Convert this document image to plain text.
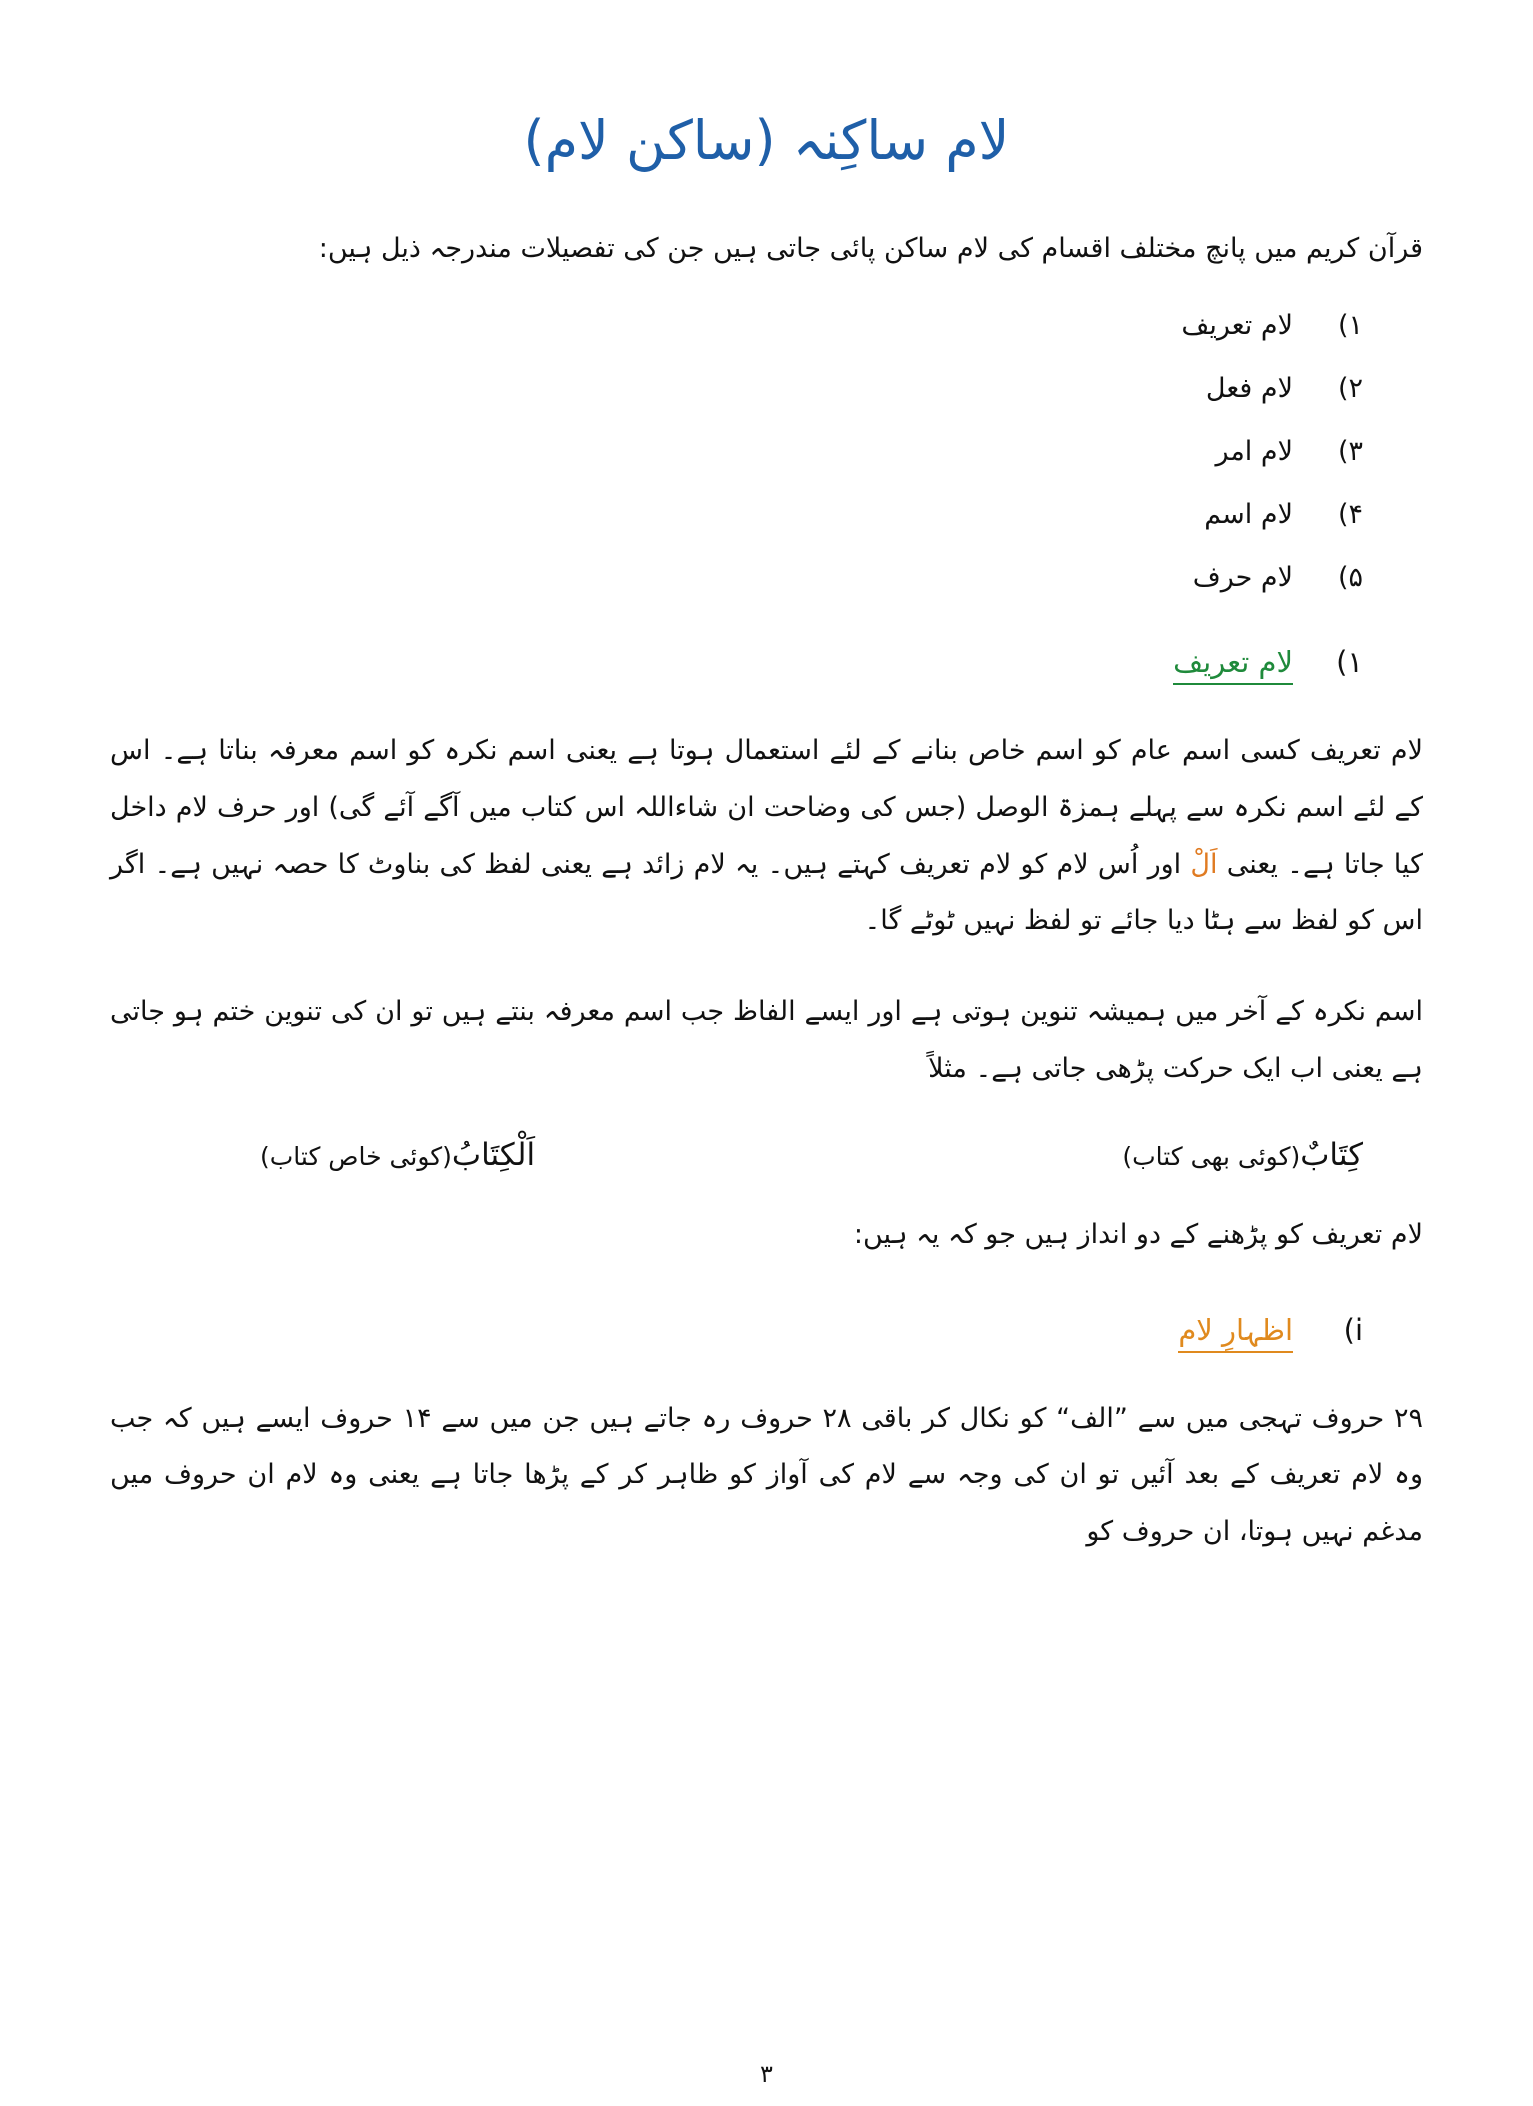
لام ساکِنہ (ساکن لام)

قرآن کریم میں پانچ مختلف اقسام کی لام ساکن پائی جاتی ہیں جن کی تفصیلات مندرجہ ذیل ہیں:

۱)
لام تعریف
۲)
لام فعل
۳)
لام امر
۴)
لام اسم
۵)
لام حرف
۱)
لام تعریف

لام تعریف کسی اسم عام کو اسم خاص بنانے کے لئے استعمال ہوتا ہے یعنی اسم نکرہ کو اسم معرفہ بناتا ہے۔ اس کے لئے اسم نکرہ سے پہلے ہمزۃ الوصل (جس کی وضاحت ان شاءاللہ اس کتاب میں آگے آئے گی) اور حرف لام داخل کیا جاتا ہے۔ یعنی اَلْ اور اُس لام کو لام تعریف کہتے ہیں۔ یہ لام زائد ہے یعنی لفظ کی بناوٹ کا حصہ نہیں ہے۔ اگر اس کو لفظ سے ہٹا دیا جائے تو لفظ نہیں ٹوٹے گا۔

اسم نکرہ کے آخر میں ہمیشہ تنوین ہوتی ہے اور ایسے الفاظ جب اسم معرفہ بنتے ہیں تو ان کی تنوین ختم ہو جاتی ہے یعنی اب ایک حرکت پڑھی جاتی ہے۔ مثلاً

كِتَابٌ(کوئی بھی کتاب)
اَلْكِتَابُ(کوئی خاص کتاب)

لام تعریف کو پڑھنے کے دو انداز ہیں جو کہ یہ ہیں:

i)
اظہارِ لام

۲۹ حروف تہجی میں سے ”الف“ کو نکال کر باقی ۲۸ حروف رہ جاتے ہیں جن میں سے ۱۴ حروف ایسے ہیں کہ جب وہ لام تعریف کے بعد آئیں تو ان کی وجہ سے لام کی آواز کو ظاہر کر کے پڑھا جاتا ہے یعنی وہ لام ان حروف میں مدغم نہیں ہوتا، ان حروف کو

۳
